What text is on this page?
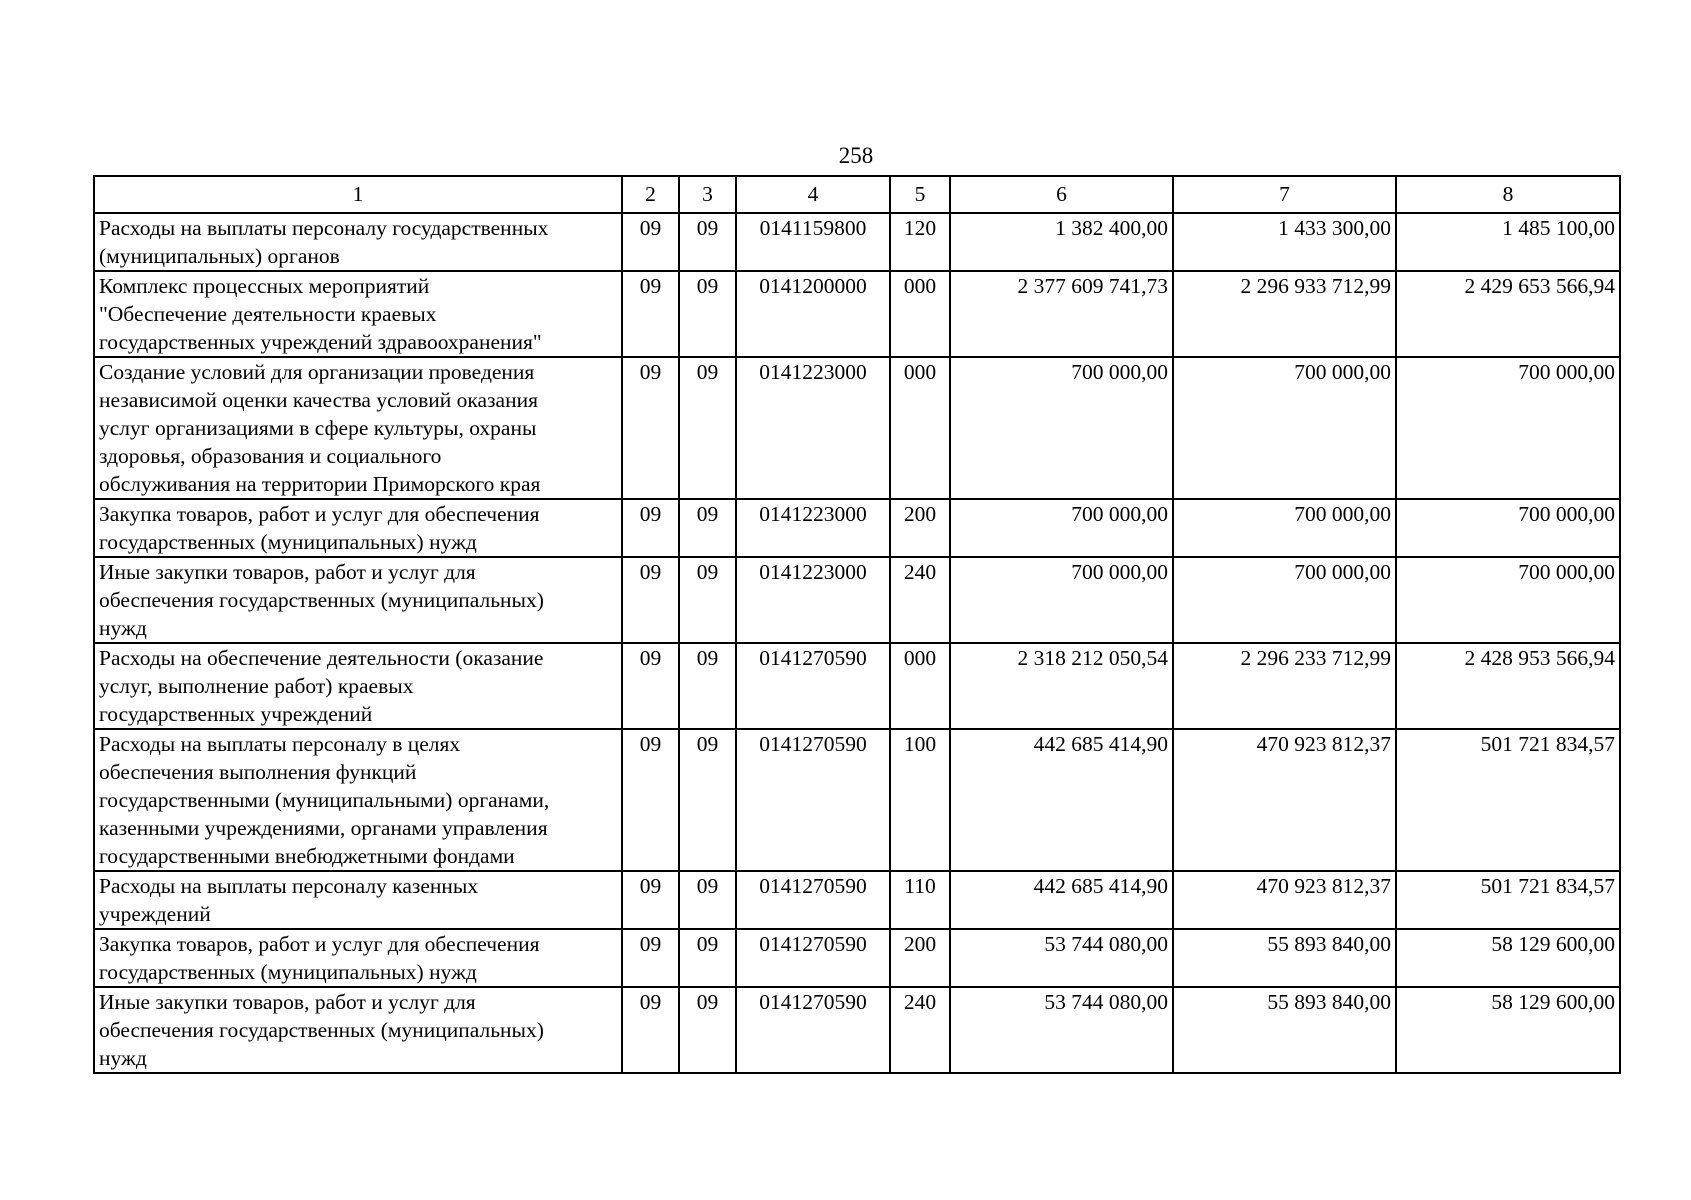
258
1	2	3	4	5	6	7	8

Расходы на выплаты персоналу государственных
(муниципальных) органов	09	09	0141159800	120	1 382 400,00	1 433 300,00	1 485 100,00

Комплекс процессных мероприятий
"Обеспечение деятельности краевых
государственных учреждений здравоохранения"	09	09	0141200000	000	2 377 609 741,73	2 296 933 712,99	2 429 653 566,94

Создание условий для организации проведения
независимой оценки качества условий оказания
услуг организациями в сфере культуры, охраны
здоровья, образования и социального
обслуживания на территории Приморского края	09	09	0141223000	000	700 000,00	700 000,00	700 000,00

Закупка товаров, работ и услуг для обеспечения
государственных (муниципальных) нужд	09	09	0141223000	200	700 000,00	700 000,00	700 000,00

Иные закупки товаров, работ и услуг для
обеспечения государственных (муниципальных)
нужд	09	09	0141223000	240	700 000,00	700 000,00	700 000,00

Расходы на обеспечение деятельности (оказание
услуг, выполнение работ) краевых
государственных учреждений	09	09	0141270590	000	2 318 212 050,54	2 296 233 712,99	2 428 953 566,94

Расходы на выплаты персоналу в целях
обеспечения выполнения функций
государственными (муниципальными) органами,
казенными учреждениями, органами управления
государственными внебюджетными фондами	09	09	0141270590	100	442 685 414,90	470 923 812,37	501 721 834,57

Расходы на выплаты персоналу казенных
учреждений	09	09	0141270590	110	442 685 414,90	470 923 812,37	501 721 834,57

Закупка товаров, работ и услуг для обеспечения
государственных (муниципальных) нужд	09	09	0141270590	200	53 744 080,00	55 893 840,00	58 129 600,00

Иные закупки товаров, работ и услуг для
обеспечения государственных (муниципальных)
нужд	09	09	0141270590	240	53 744 080,00	55 893 840,00	58 129 600,00
